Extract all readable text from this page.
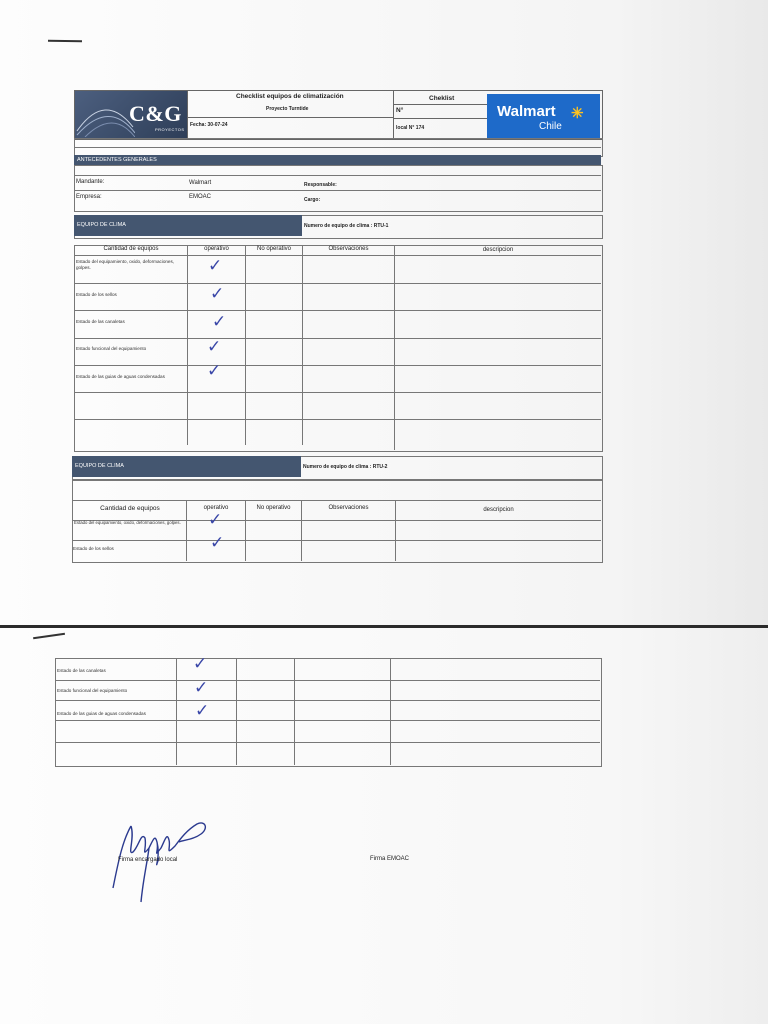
C&G
PROYECTOS
Checklist equipos de climatización
Proyecto Turntide
Fecha: 30-07-24
Cheklist
N°
local N° 174
Walmart ✳
Chile
ANTECEDENTES GENERALES
Mandante:	Walmart	Responsable:
Empresa:	EMOAC	Cargo:
EQUIPO DE CLIMA	Numero de equipo de clima : RTU-1
Cantidad de equipos	operativo	No operativo	Observaciones	descripcion
Estado del equipamiento, oxido, deformaciones, golpes.	✓
Estado de los sellos	✓
Estado de las canaletas	✓
Estado funcional del equipamiento	✓
Estado de las guias de aguas condensadas	✓
EQUIPO DE CLIMA	Numero de equipo de clima : RTU-2
Cantidad de equipos	operativo	No operativo	Observaciones	descripcion
Estado del equipamiento, oxido, deformaciones, golpes. ✓
Estado de los sellos	✓
Estado de las canaletas	✓
Estado funcional del equipamiento	✓
Estado de las guias de aguas condensadas	✓
Firma encargado local	Firma EMOAC
